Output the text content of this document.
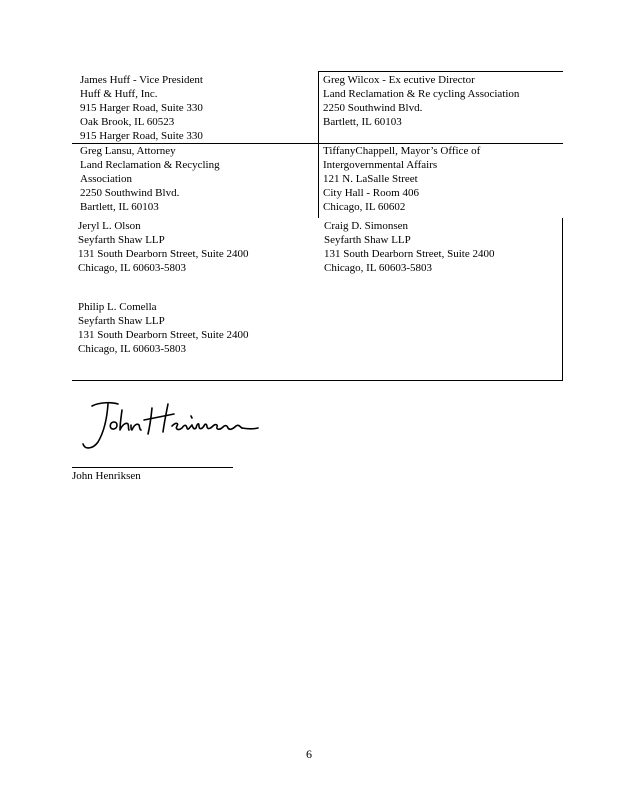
James Huff - Vice President
Huff & Huff, Inc.
915 Harger Road, Suite 330
Oak Brook, IL 60523
915 Harger Road, Suite 330
Greg Wilcox - Ex ecutive Director
Land Reclamation & Re cycling Association
2250 Southwind Blvd.
Bartlett, IL 60103
Greg Lansu, Attorney
Land Reclamation & Recycling
Association
2250 Southwind Blvd.
Bartlett, IL 60103
TiffanyChappell, Mayor’s Office of
Intergovernmental Affairs
121 N. LaSalle Street
City Hall - Room 406
Chicago, IL 60602
Jeryl L. Olson
Seyfarth Shaw LLP
131 South Dearborn Street, Suite 2400
Chicago, IL 60603-5803
Craig D. Simonsen
Seyfarth Shaw LLP
131 South Dearborn Street, Suite 2400
Chicago, IL 60603-5803
Philip L. Comella
Seyfarth Shaw LLP
131 South Dearborn Street, Suite 2400
Chicago, IL 60603-5803
John Henriksen
6
